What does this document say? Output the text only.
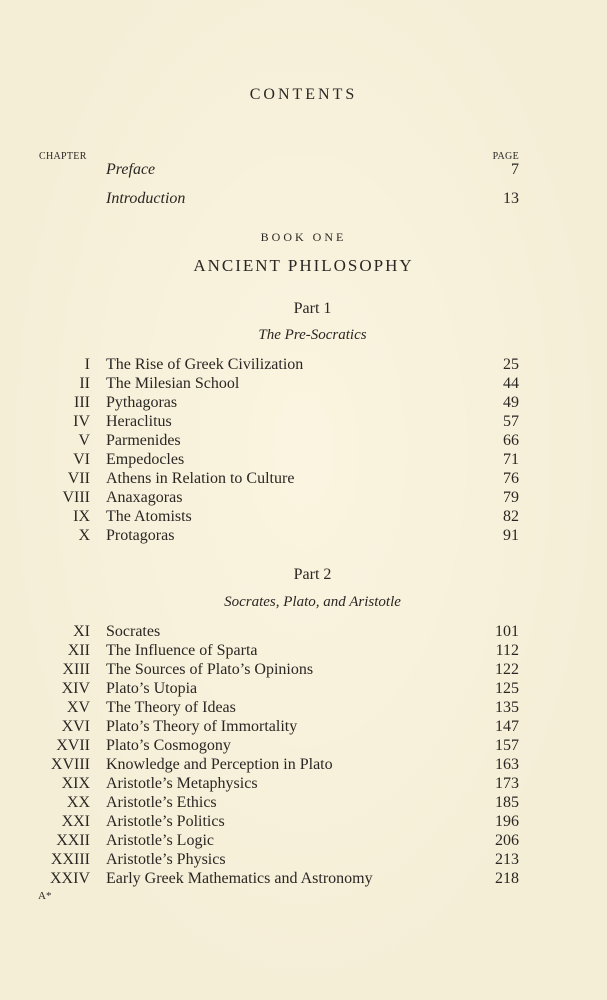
CONTENTS
CHAPTER	PAGE
Preface	7
Introduction	13
BOOK ONE
ANCIENT PHILOSOPHY
Part 1
The Pre-Socratics
I The Rise of Greek Civilization	25
II The Milesian School	44
III Pythagoras	49
IV Heraclitus	57
V Parmenides	66
VI Empedocles	71
VII Athens in Relation to Culture	76
VIII Anaxagoras	79
IX The Atomists	82
X Protagoras	91
Part 2
Socrates, Plato, and Aristotle
XI Socrates	101
XII The Influence of Sparta	112
XIII The Sources of Plato’s Opinions	122
XIV Plato’s Utopia	125
XV The Theory of Ideas	135
XVI Plato’s Theory of Immortality	147
XVII Plato’s Cosmogony	157
XVIII Knowledge and Perception in Plato	163
XIX Aristotle’s Metaphysics	173
XX Aristotle’s Ethics	185
XXI Aristotle’s Politics	196
XXII Aristotle’s Logic	206
XXIII Aristotle’s Physics	213
XXIV Early Greek Mathematics and Astronomy	218
A*
